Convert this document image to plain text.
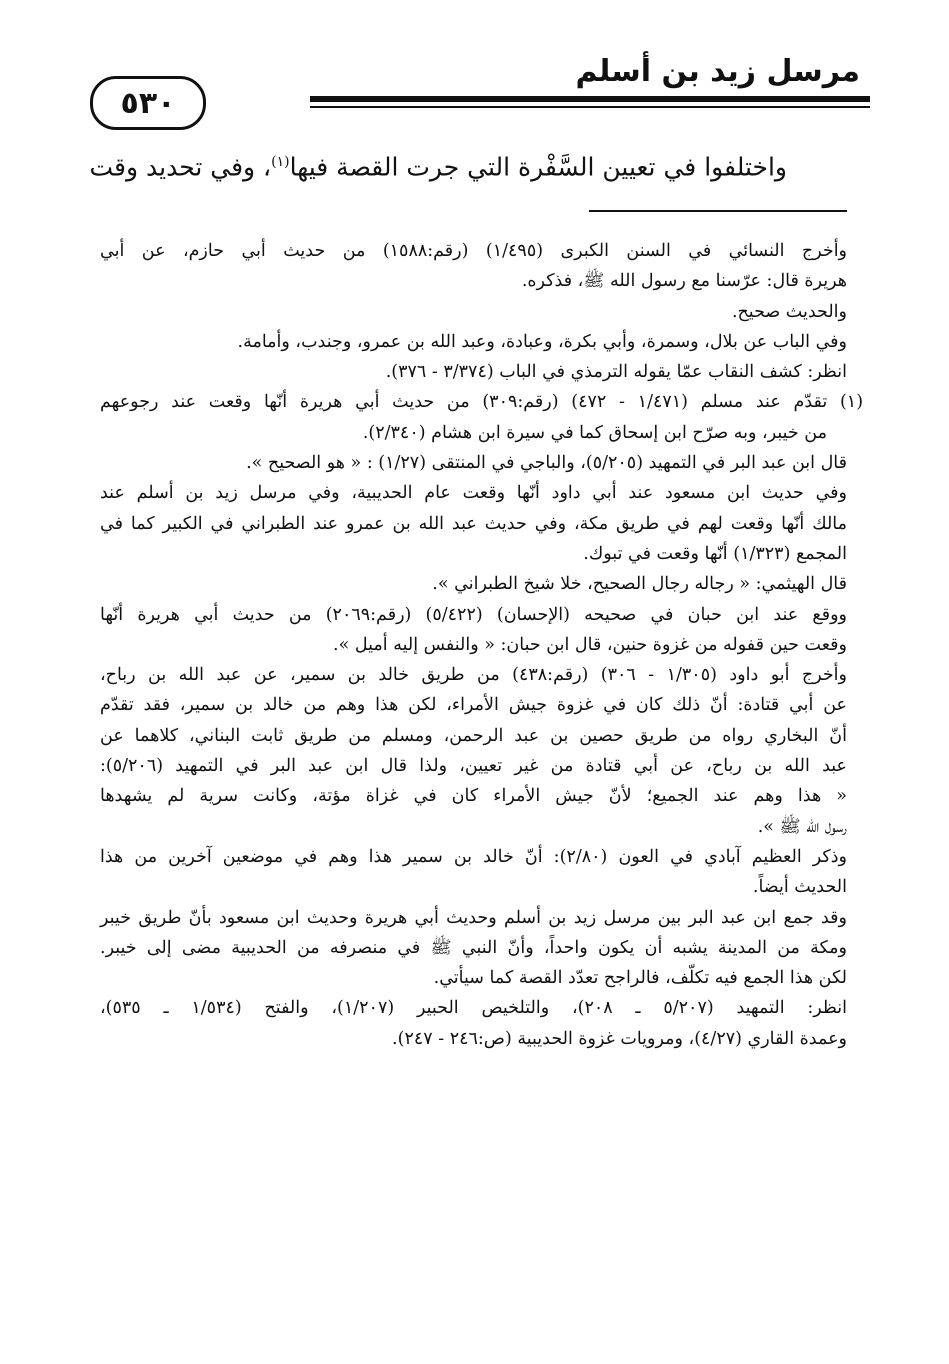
٥٣٠
مرسل زيد بن أسلم
واختلفوا في تعيين السَّفْرة التي جرت القصة فيها$^{(١)}$، وفي تحديد وقت
وأخرج النسائي في السنن الكبرى (١/٤٩٥) (رقم:١٥٨٨) من حديث أبي حازم، عن أبي
هريرة قال: عرّسنا مع رسول الله ﷺ، فذكره.
والحديث صحيح.
وفي الباب عن بلال، وسمرة، وأبي بكرة، وعبادة، وعبد الله بن عمرو، وجندب، وأمامة.
انظر: كشف النقاب عمّا يقوله الترمذي في الباب (٣/٣٧٤ - ٣٧٦).
(١) تقدّم عند مسلم (١/٤٧١ - ٤٧٢) (رقم:٣٠٩) من حديث أبي هريرة أنّها وقعت عند رجوعهم
من خيبر، وبه صرّح ابن إسحاق كما في سيرة ابن هشام (٢/٣٤٠).
قال ابن عبد البر في التمهيد (٥/٢٠٥)، والباجي في المنتقى (١/٢٧) : « هو الصحيح ».
وفي حديث ابن مسعود عند أبي داود أنّها وقعت عام الحديبية، وفي مرسل زيد بن أسلم عند
مالك أنّها وقعت لهم في طريق مكة، وفي حديث عبد الله بن عمرو عند الطبراني في الكبير كما في
المجمع (١/٣٢٣) أنّها وقعت في تبوك.
قال الهيثمي: « رجاله رجال الصحيح، خلا شيخ الطبراني ».
ووقع عند ابن حبان في صحيحه (الإحسان) (٥/٤٢٢) (رقم:٢٠٦٩) من حديث أبي هريرة أنّها
وقعت حين قفوله من غزوة حنين، قال ابن حبان: « والنفس إليه أميل ».
وأخرج أبو داود (١/٣٠٥ - ٣٠٦) (رقم:٤٣٨) من طريق خالد بن سمير، عن عبد الله بن رباح،
عن أبي قتادة: أنّ ذلك كان في غزوة جيش الأمراء، لكن هذا وهم من خالد بن سمير، فقد تقدّم
أنّ البخاري رواه من طريق حصين بن عبد الرحمن، ومسلم من طريق ثابت البناني، كلاهما عن
عبد الله بن رباح، عن أبي قتادة من غير تعيين، ولذا قال ابن عبد البر في التمهيد (٥/٢٠٦):
« هذا وهم عند الجميع؛ لأنّ جيش الأمراء كان في غزاة مؤتة، وكانت سرية لم يشهدها
رسول الله ﷺ ».
وذكر العظيم آبادي في العون (٢/٨٠): أنّ خالد بن سمير هذا وهم في موضعين آخرين من هذا
الحديث أيضاً.
وقد جمع ابن عبد البر بين مرسل زيد بن أسلم وحديث أبي هريرة وحديث ابن مسعود بأنّ طريق خيبر
ومكة من المدينة يشبه أن يكون واحداً، وأنّ النبي ﷺ في منصرفه من الحديبية مضى إلى خيبر.
لكن هذا الجمع فيه تكلّف، فالراجح تعدّد القصة كما سيأتي.
انظر: التمهيد (٥/٢٠٧ ـ ٢٠٨)، والتلخيص الحبير (١/٢٠٧)، والفتح (١/٥٣٤ ـ ٥٣٥)،
وعمدة القاري (٤/٢٧)، ومرويات غزوة الحديبية (ص:٢٤٦ - ٢٤٧).
